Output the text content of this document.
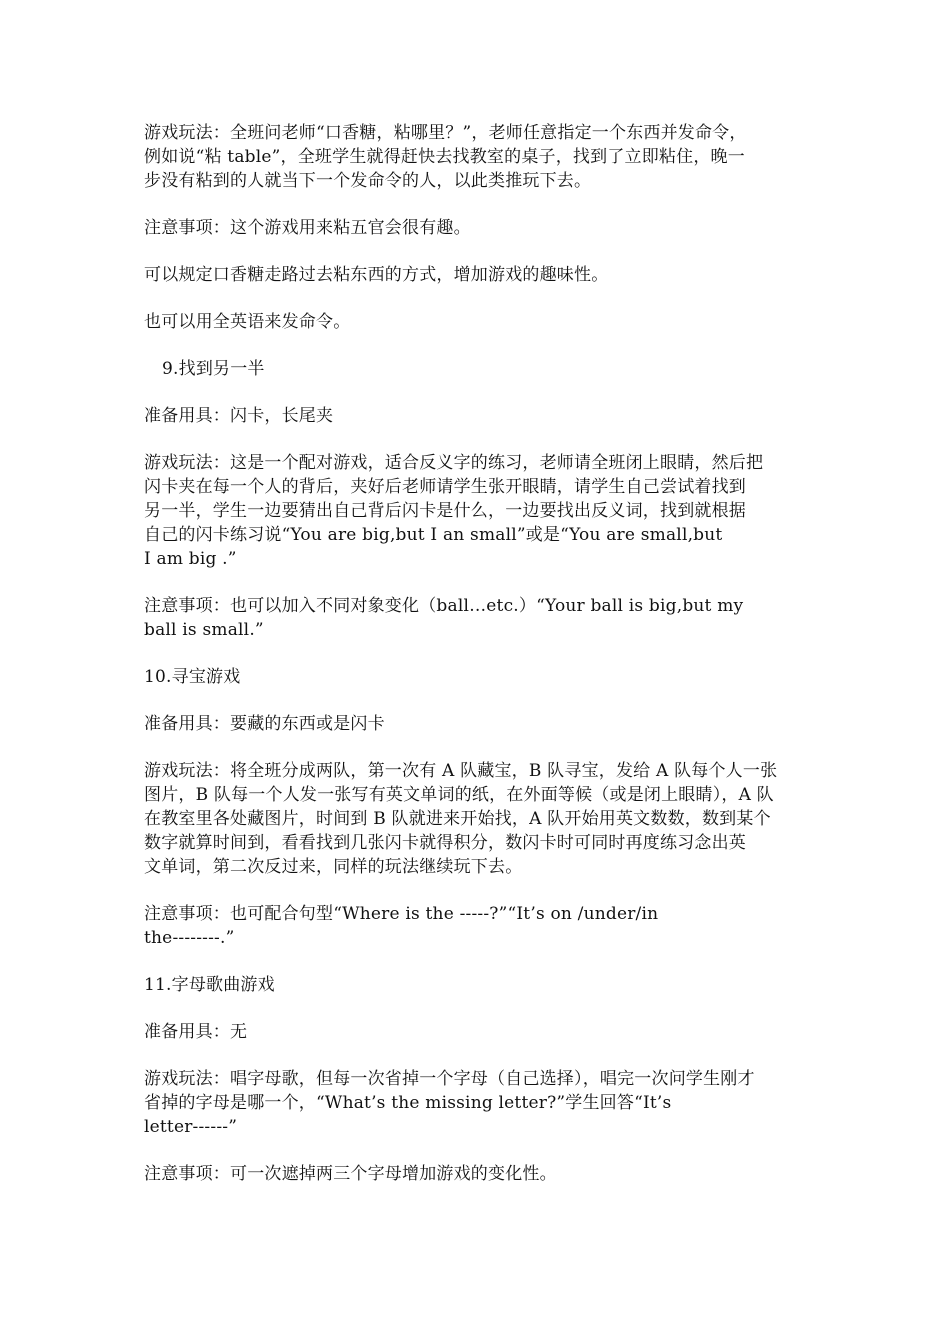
游戏玩法：全班问老师“口香糖，粘哪里？”，老师任意指定一个东西并发命令，
例如说“粘 table”，全班学生就得赶快去找教室的桌子，找到了立即粘住，晚一
步没有粘到的人就当下一个发命令的人，以此类推玩下去。

注意事项：这个游戏用来粘五官会很有趣。

可以规定口香糖走路过去粘东西的方式，增加游戏的趣味性。

也可以用全英语来发命令。

9.找到另一半

准备用具：闪卡，长尾夹

游戏玩法：这是一个配对游戏，适合反义字的练习，老师请全班闭上眼睛，然后把
闪卡夹在每一个人的背后，夹好后老师请学生张开眼睛，请学生自己尝试着找到
另一半，学生一边要猜出自己背后闪卡是什么，一边要找出反义词，找到就根据
自己的闪卡练习说“You are big,but I an small”或是“You are small,but
I am big .”

注意事项：也可以加入不同对象变化（ball…etc.）“Your ball is big,but my
ball is small.”

10.寻宝游戏

准备用具：要藏的东西或是闪卡

游戏玩法：将全班分成两队，第一次有 A 队藏宝，B 队寻宝，发给 A 队每个人一张
图片，B 队每一个人发一张写有英文单词的纸，在外面等候（或是闭上眼睛），A 队
在教室里各处藏图片，时间到 B 队就进来开始找，A 队开始用英文数数，数到某个
数字就算时间到，看看找到几张闪卡就得积分，数闪卡时可同时再度练习念出英
文单词，第二次反过来，同样的玩法继续玩下去。

注意事项：也可配合句型“Where is the -----?”“It’s on /under/in
the--------.”

11.字母歌曲游戏

准备用具：无

游戏玩法：唱字母歌，但每一次省掉一个字母（自己选择），唱完一次问学生刚才
省掉的字母是哪一个，“What’s the missing letter?”学生回答“It’s
letter------”

注意事项：可一次遮掉两三个字母增加游戏的变化性。
